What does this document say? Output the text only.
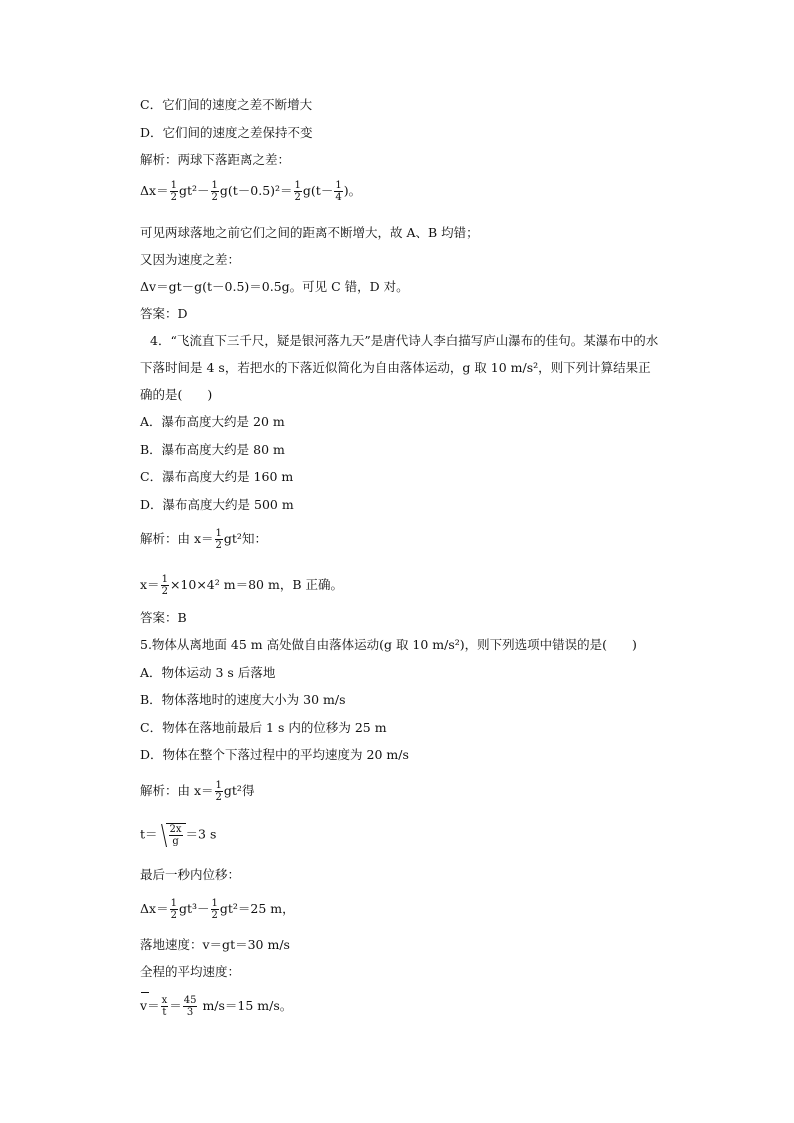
C．它们间的速度之差不断增大
D．它们间的速度之差保持不变
解析：两球下落距离之差：
$\Delta x= \frac{1}{2} gt^2- \frac{1}{2} g(t-0.5)^2= \frac{1}{2} g(t- \frac{1}{4}$ )。
可见两球落地之前它们之间的距离不断增大，故 A、B 均错；
又因为速度之差：
Δv＝gt－g(t－0.5)＝0.5g。可见 C 错，D 对。
答案：D
4．“飞流直下三千尺，疑是银河落九天”是唐代诗人李白描写庐山瀑布的佳句。某瀑布中的水下落时间是 4 s，若把水的下落近似简化为自由落体运动，g 取 10 m/s²，则下列计算结果正确的是(　　)
A．瀑布高度大约是 20 m
B．瀑布高度大约是 80 m
C．瀑布高度大约是 160 m
D．瀑布高度大约是 500 m
解析：由 $x= \frac{1}{2} gt^2$知：
$x= \frac{1}{2} \times 10\times 4^2$ m＝80 m，B 正确。
答案：B
5.物体从离地面 45 m 高处做自由落体运动(g 取 10 m/s²)，则下列选项中错误的是(　　)
A．物体运动 3 s 后落地
B．物体落地时的速度大小为 30 m/s
C．物体在落地前最后 1 s 内的位移为 25 m
D．物体在整个下落过程中的平均速度为 20 m/s
解析：由 $x= \frac{1}{2} gt^2$得
$t= \frac{2x}{g} =3$ s
最后一秒内位移：
$\Delta x= \frac{1}{2} gt^3- \frac{1}{2} gt^2=25$ m，
落地速度：v＝gt＝30 m/s
全程的平均速度：
$v= \frac{x}{t} = \frac{45}{3} m/s=15$ m/s。
